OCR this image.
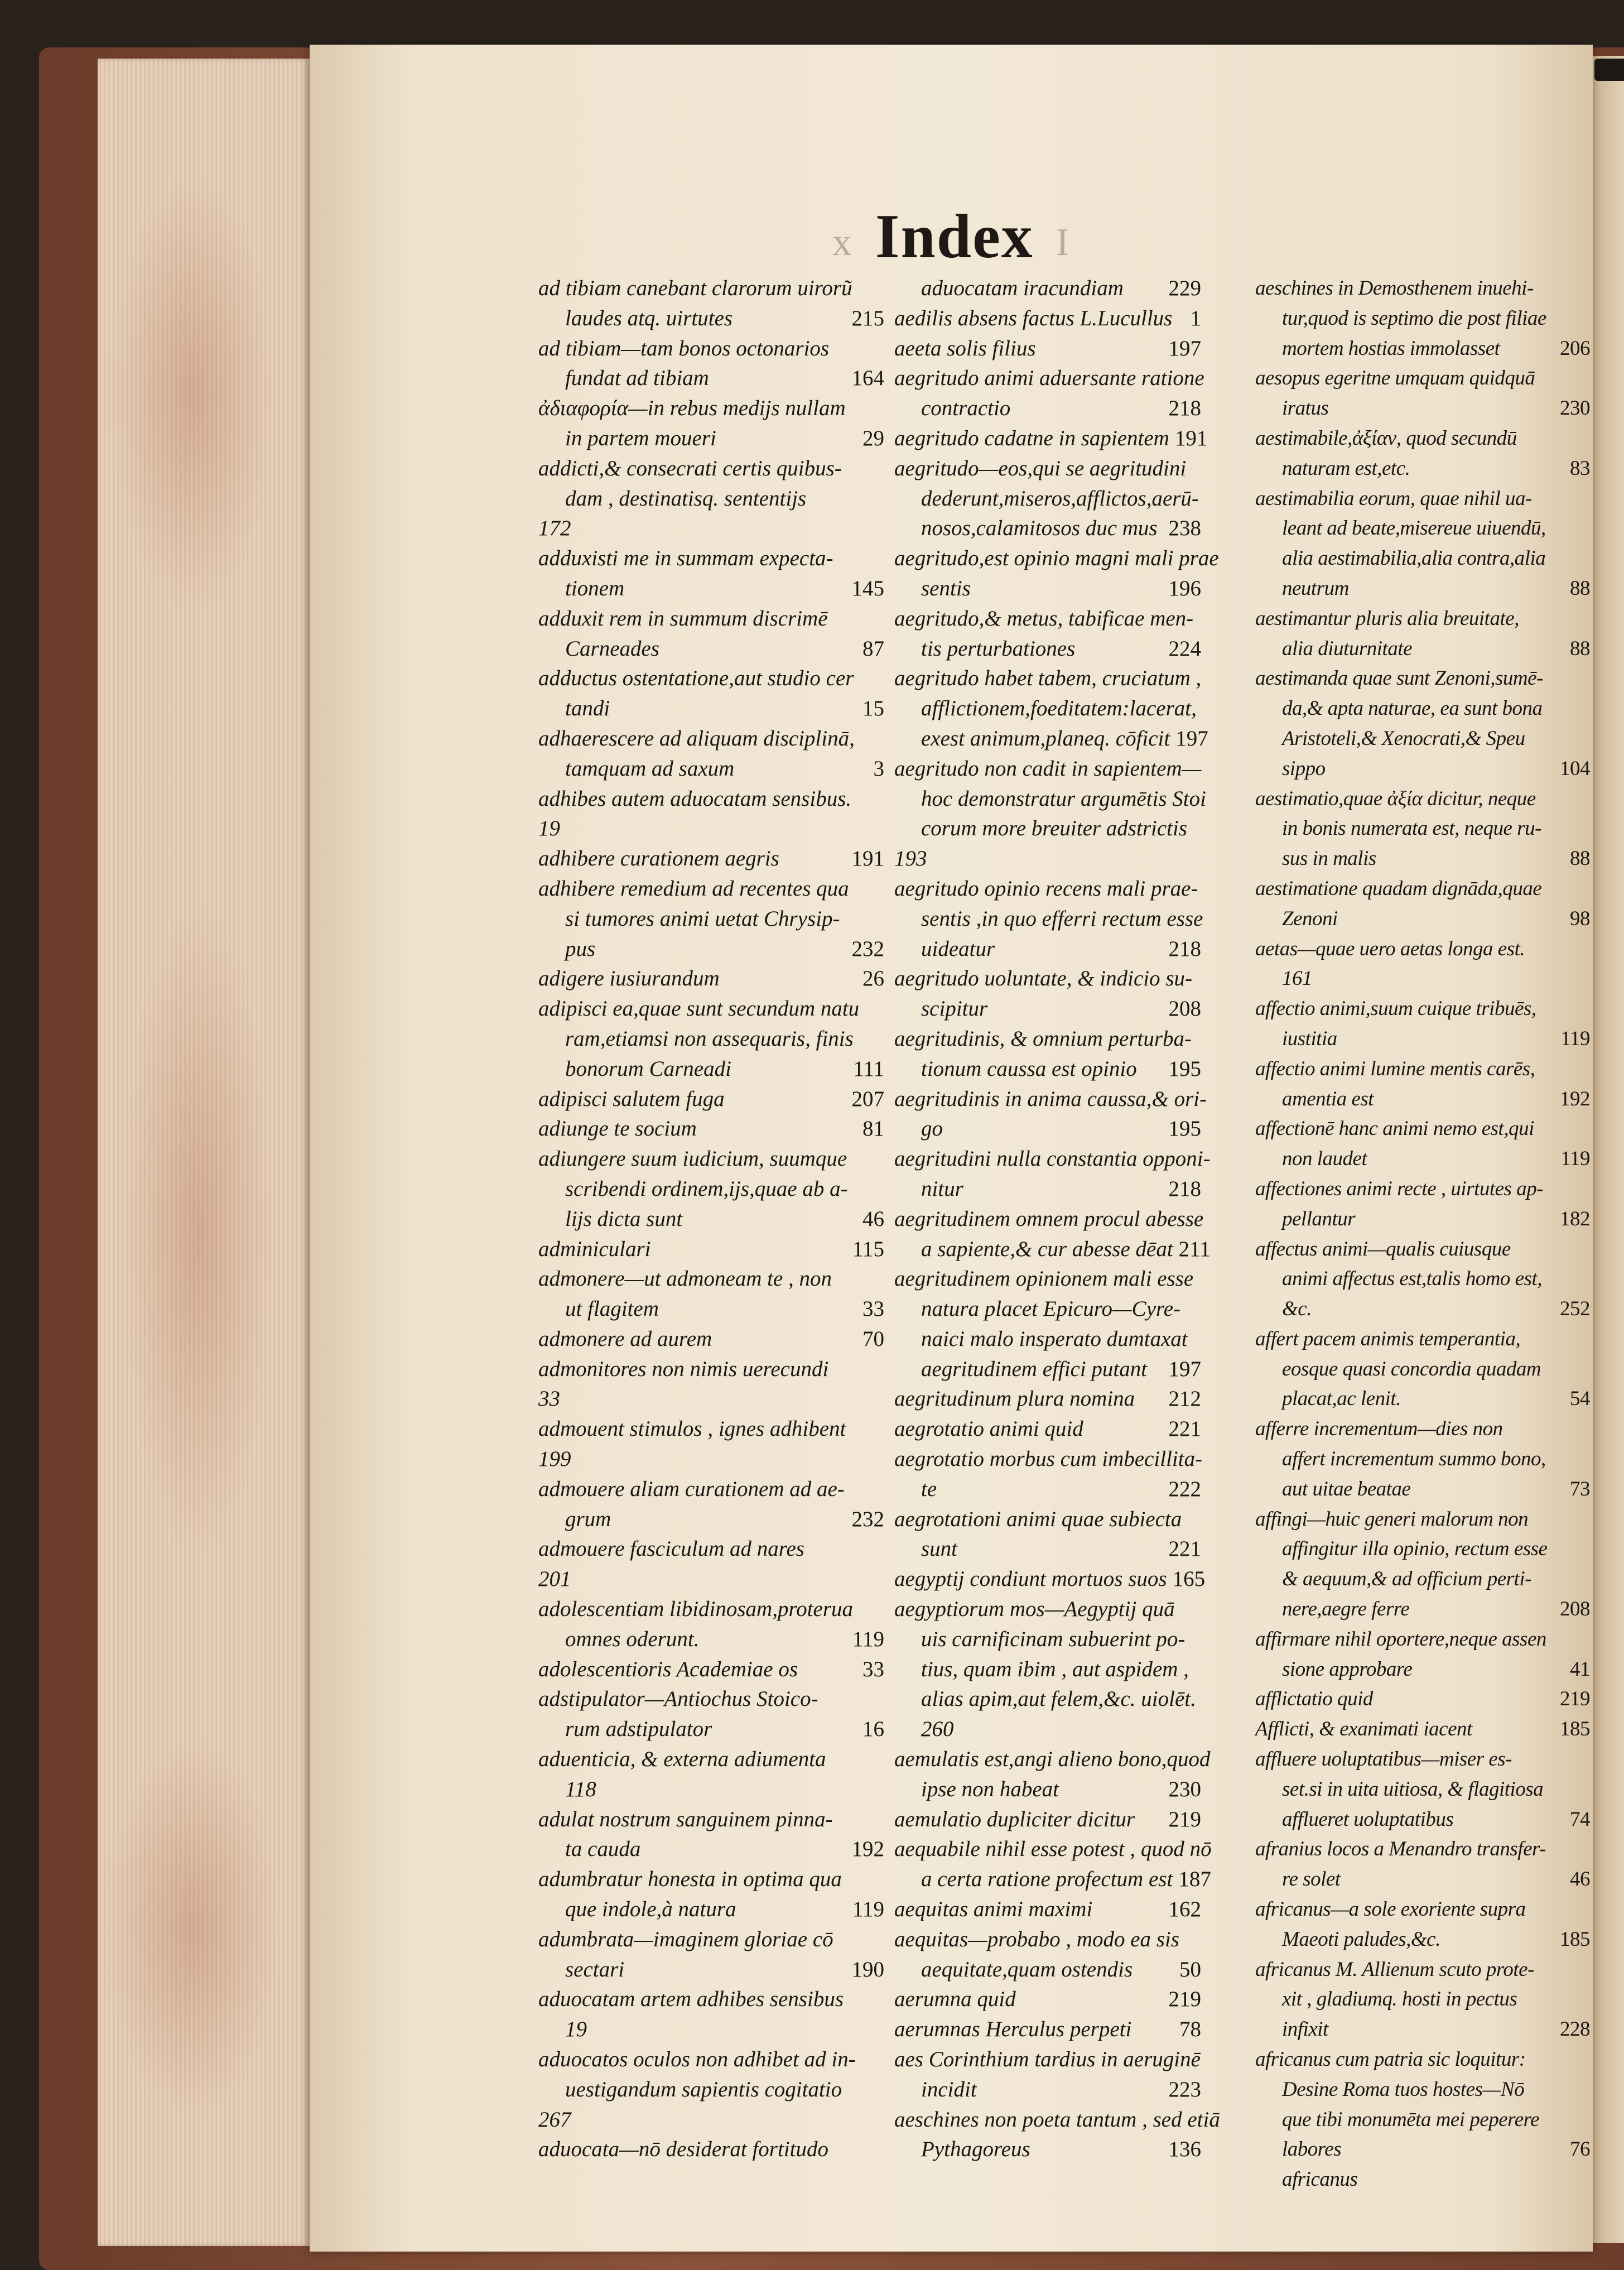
x Index I
ad tibiam canebant clarorum uirorũ
laudes atq. uirtutes	215
ad tibiam—tam bonos octonarios
fundat ad tibiam	164
ἀδιαφορία—in rebus medijs nullam
in partem moueri	29
addicti,& consecrati certis quibus-
dam , destinatisq. sententijs
172
adduxisti me in summam expecta-
tionem	145
adduxit rem in summum discrimē
Carneades	87
adductus ostentatione,aut studio cer
tandi	15
adhaerescere ad aliquam disciplinā,
tamquam ad saxum	3
adhibes autem aduocatam sensibus.
19
adhibere curationem aegris	191
adhibere remedium ad recentes qua
si tumores animi uetat Chrysip-
pus	232
adigere iusiurandum	26
adipisci ea,quae sunt secundum natu
ram,etiamsi non assequaris, finis
bonorum Carneadi	111
adipisci salutem fuga	207
adiunge te socium	81
adiungere suum iudicium, suumque
scribendi ordinem,ijs,quae ab a-
lijs dicta sunt	46
adminiculari	115
admonere—ut admoneam te , non
ut flagitem	33
admonere ad aurem	70
admonitores non nimis uerecundi
33
admouent stimulos , ignes adhibent
199
admouere aliam curationem ad ae-
grum	232
admouere fasciculum ad nares
201
adolescentiam libidinosam,proterua
omnes oderunt.	119
adolescentioris Academiae os	33
adstipulator—Antiochus Stoico-
rum adstipulator	16
aduenticia, & externa adiumenta
118
adulat nostrum sanguinem pinna-
ta cauda	192
adumbratur honesta in optima qua
que indole,à natura	119
adumbrata—imaginem gloriae cō
sectari	190
aduocatam artem adhibes sensibus
19
aduocatos oculos non adhibet ad in-
uestigandum sapientis cogitatio
267
aduocata—nō desiderat fortitudo
aduocatam iracundiam 229
aedilis absens factus L.Lucullus 1
aeeta solis filius	197
aegritudo animi aduersante ratione
contractio	218
aegritudo cadatne in sapientem 191
aegritudo—eos,qui se aegritudini
dederunt,miseros,afflictos,aerū-
nosos,calamitosos duc mus 238
aegritudo,est opinio magni mali prae
sentis	196
aegritudo,& metus, tabificae men-
tis perturbationes	224
aegritudo habet tabem, cruciatum ,
afflictionem,foeditatem:lacerat,
exest animum,planeq. cōficit 197
aegritudo non cadit in sapientem—
hoc demonstratur argumētis Stoi
corum more breuiter adstrictis
193
aegritudo opinio recens mali prae-
sentis ,in quo efferri rectum esse
uideatur	218
aegritudo uoluntate, & indicio su-
scipitur	208
aegritudinis, & omnium perturba-
tionum caussa est opinio 195
aegritudinis in anima caussa,& ori-
go	195
aegritudini nulla constantia opponi-
nitur	218
aegritudinem omnem procul abesse
a sapiente,& cur abesse dēat 211
aegritudinem opinionem mali esse
natura placet Epicuro—Cyre-
naici malo insperato dumtaxat
aegritudinem effici putant 197
aegritudinum plura nomina 212
aegrotatio animi quid	221
aegrotatio morbus cum imbecillita-
te	222
aegrotationi animi quae subiecta
sunt	221
aegyptij condiunt mortuos suos 165
aegyptiorum mos—Aegyptij quā
uis carnificinam subuerint po-
tius, quam ibim , aut aspidem ,
alias apim,aut felem,&c. uiolēt.
260
aemulatis est,angi alieno bono,quod
ipse non habeat	230
aemulatio dupliciter dicitur 219
aequabile nihil esse potest , quod nō
a certa ratione profectum est 187
aequitas animi maximi	162
aequitas—probabo , modo ea sis
aequitate,quam ostendis 50
aerumna quid	219
aerumnas Herculus perpeti 78
aes Corinthium tardius in aeruginē
incidit	223
aeschines non poeta tantum , sed etiā
Pythagoreus	136
aeschines in Demosthenem inuehi-
tur,quod is septimo die post filiae
mortem hostias immolasset	206
aesopus egeritne umquam quidquā
iratus	230
aestimabile,ἀξίαν, quod secundū
naturam est,etc.	83
aestimabilia eorum, quae nihil ua-
leant ad beate,misereue uiuendū,
alia aestimabilia,alia contra,alia
neutrum	88
aestimantur pluris alia breuitate,
alia diuturnitate	88
aestimanda quae sunt Zenoni,sumē-
da,& apta naturae, ea sunt bona
Aristoteli,& Xenocrati,& Speu
sippo	104
aestimatio,quae ἀξία dicitur, neque
in bonis numerata est, neque ru-
sus in malis	88
aestimatione quadam dignāda,quae
Zenoni	98
aetas—quae uero aetas longa est.
161
affectio animi,suum cuique tribuēs,
iustitia	119
affectio animi lumine mentis carēs,
amentia est	192
affectionē hanc animi nemo est,qui
non laudet	119
affectiones animi recte , uirtutes ap-
pellantur	182
affectus animi—qualis cuiusque
animi affectus est,talis homo est,
&c.	252
affert pacem animis temperantia,
eosque quasi concordia quadam
placat,ac lenit.	54
afferre incrementum—dies non
affert incrementum summo bono,
aut uitae beatae	73
affingi—huic generi malorum non
affingitur illa opinio, rectum esse
& aequum,& ad officium perti-
nere,aegre ferre	208
affirmare nihil oportere,neque assen
sione approbare	41
afflictatio quid	219
Afflicti, & exanimati iacent	185
affluere uoluptatibus—miser es-
set.si in uita uitiosa, & flagitiosa
afflueret uoluptatibus	74
afranius locos a Menandro transfer-
re solet	46
africanus—a sole exoriente supra
Maeoti paludes,&c.	185
africanus M. Allienum scuto prote-
xit , gladiumq. hosti in pectus
infixit	228
africanus cum patria sic loquitur:
Desine Roma tuos hostes—Nō
que tibi monumēta mei peperere
labores	76
africanus
